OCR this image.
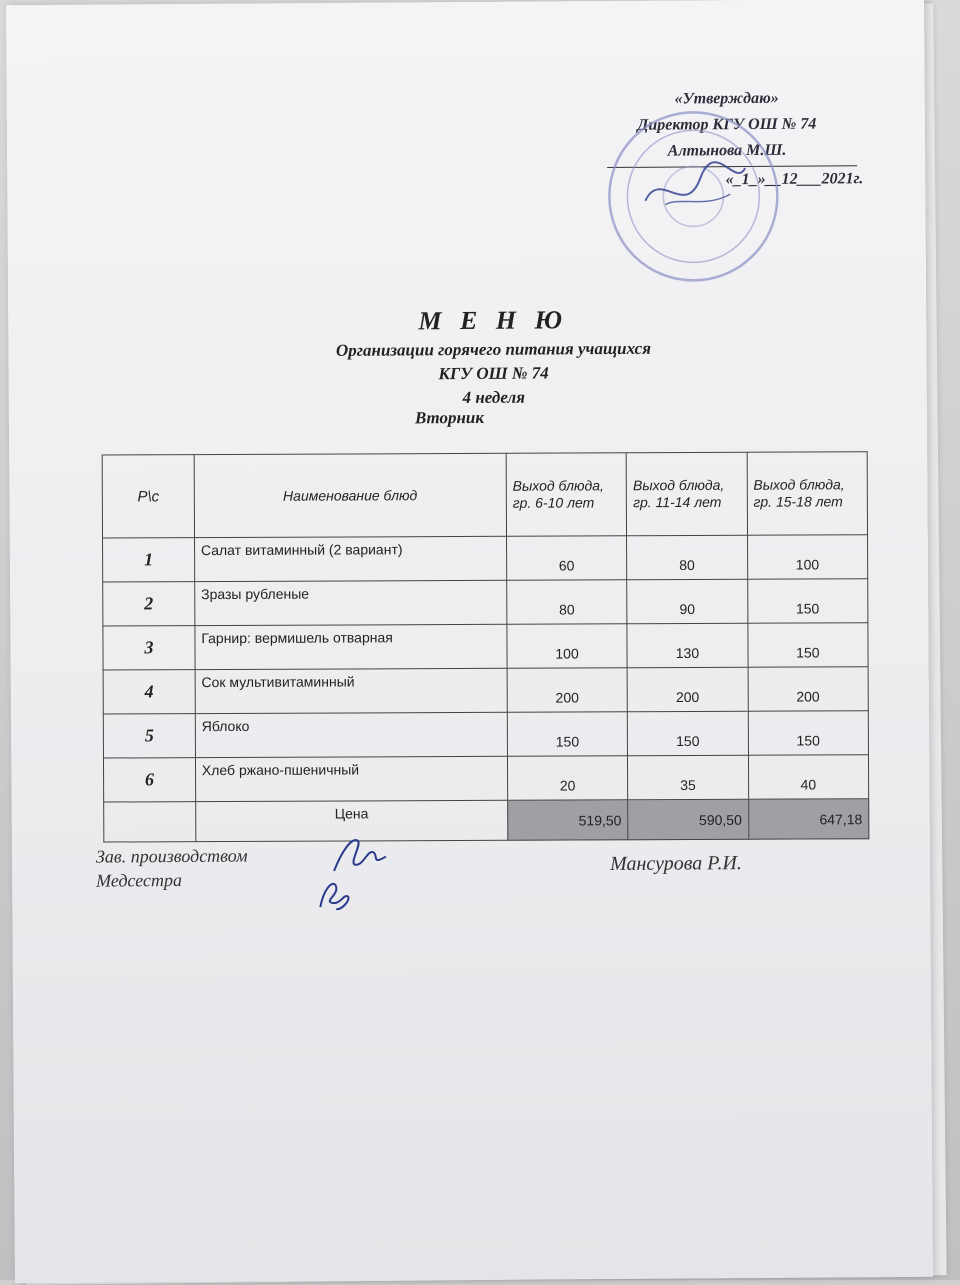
«Утверждаю»
Директор КГУ ОШ № 74
Алтынова М.Ш.
«_1_»__12___2021г.
М Е Н Ю
Организации горячего питания учащихся
КГУ ОШ № 74
4 неделя
Вторник
Р\с	Наименование блюд	Выход блюда, гр. 6-10 лет	Выход блюда, гр. 11-14 лет	Выход блюда, гр. 15-18 лет
1	Салат витаминный (2 вариант)	60	80	100
2	Зразы рубленые	80	90	150
3	Гарнир: вермишель отварная	100	130	150
4	Сок мультивитаминный	200	200	200
5	Яблоко	150	150	150
6	Хлеб ржано-пшеничный	20	35	40
	Цена	519,50	590,50	647,18
Зав. производством
Медсестра
Мансурова Р.И.
